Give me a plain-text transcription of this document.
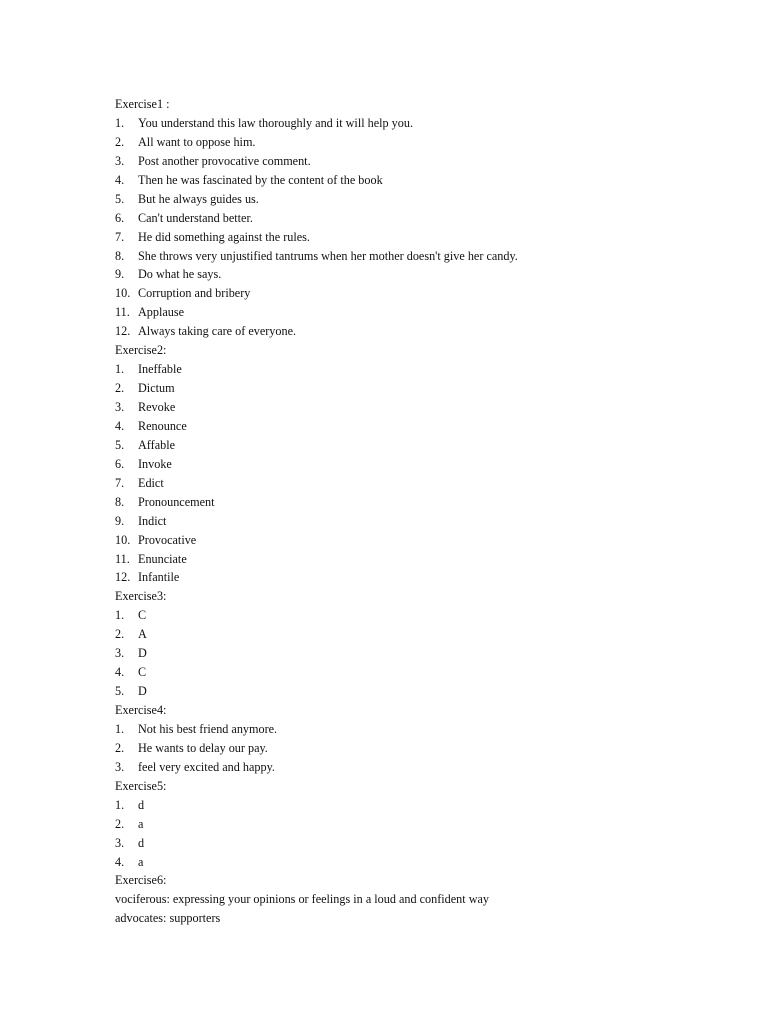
Exercise1 :
1.	You understand this law thoroughly and it will help you.
2.	All want to oppose him.
3.	Post another provocative comment.
4.	Then he was fascinated by the content of the book
5.	But he always guides us.
6.	Can't understand better.
7.	He did something against the rules.
8.	She throws very unjustified tantrums when her mother doesn't give her candy.
9.	Do what he says.
10. Corruption and bribery
11. Applause
12. Always taking care of everyone.
Exercise2:
1.	Ineffable
2.	Dictum
3.	Revoke
4.	Renounce
5.	Affable
6.	Invoke
7.	Edict
8.	Pronouncement
9.	Indict
10. Provocative
11. Enunciate
12. Infantile
Exercise3:
1.	C
2.	A
3.	D
4.	C
5.	D
Exercise4:
1.	Not his best friend anymore.
2.	He wants to delay our pay.
3.	feel very excited and happy.
Exercise5:
1.	d
2.	a
3.	d
4.	a
Exercise6:
vociferous: expressing your opinions or feelings in a loud and confident way
advocates: supporters
